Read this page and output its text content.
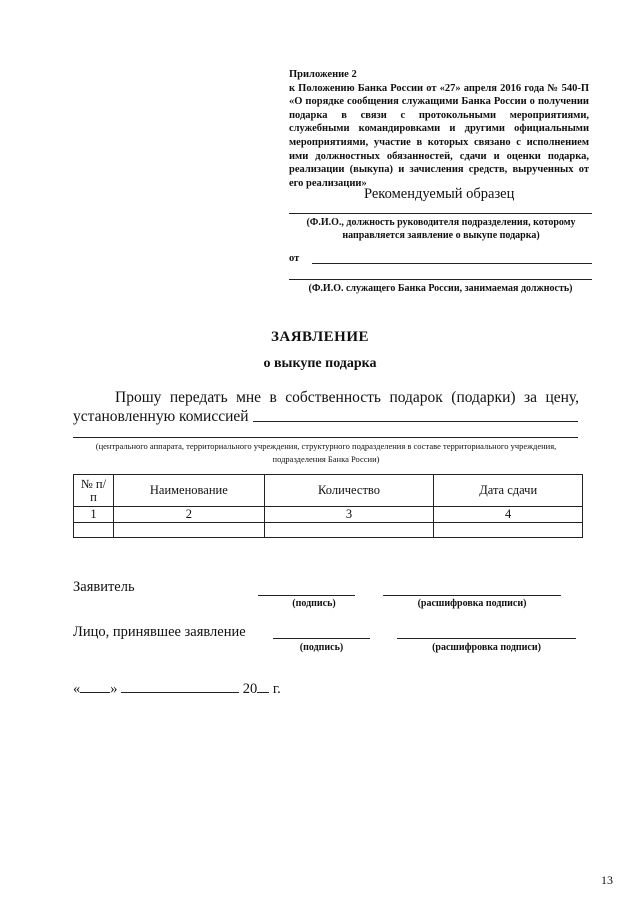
Приложение 2
к Положению Банка России от «27» апреля 2016 года № 540-П «О порядке сообщения служащими Банка России о получении подарка в связи с протокольными мероприятиями, служебными командировками и другими официальными мероприятиями, участие в которых связано с исполнением ими должностных обязанностей, сдачи и оценки подарка, реализации (выкупа) и зачисления средств, вырученных от его реализации»
Рекомендуемый образец
(Ф.И.О., должность руководителя подразделения, которому направляется заявление о выкупе подарка)
от
(Ф.И.О. служащего Банка России, занимаемая должность)
ЗАЯВЛЕНИЕ
о выкупе подарка
Прошу передать мне в собственность подарок (подарки) за цену,
установленную комиссией
(центрального аппарата, территориального учреждения, структурного подразделения в составе территориального учреждения, подразделения Банка России)
№ п/п	Наименование	Количество	Дата сдачи
1	2	3	4

Заявитель
(подпись)	(расшифровка подписи)
Лицо, принявшее заявление
(подпись)	(расшифровка подписи)
« »	20 г.
13
